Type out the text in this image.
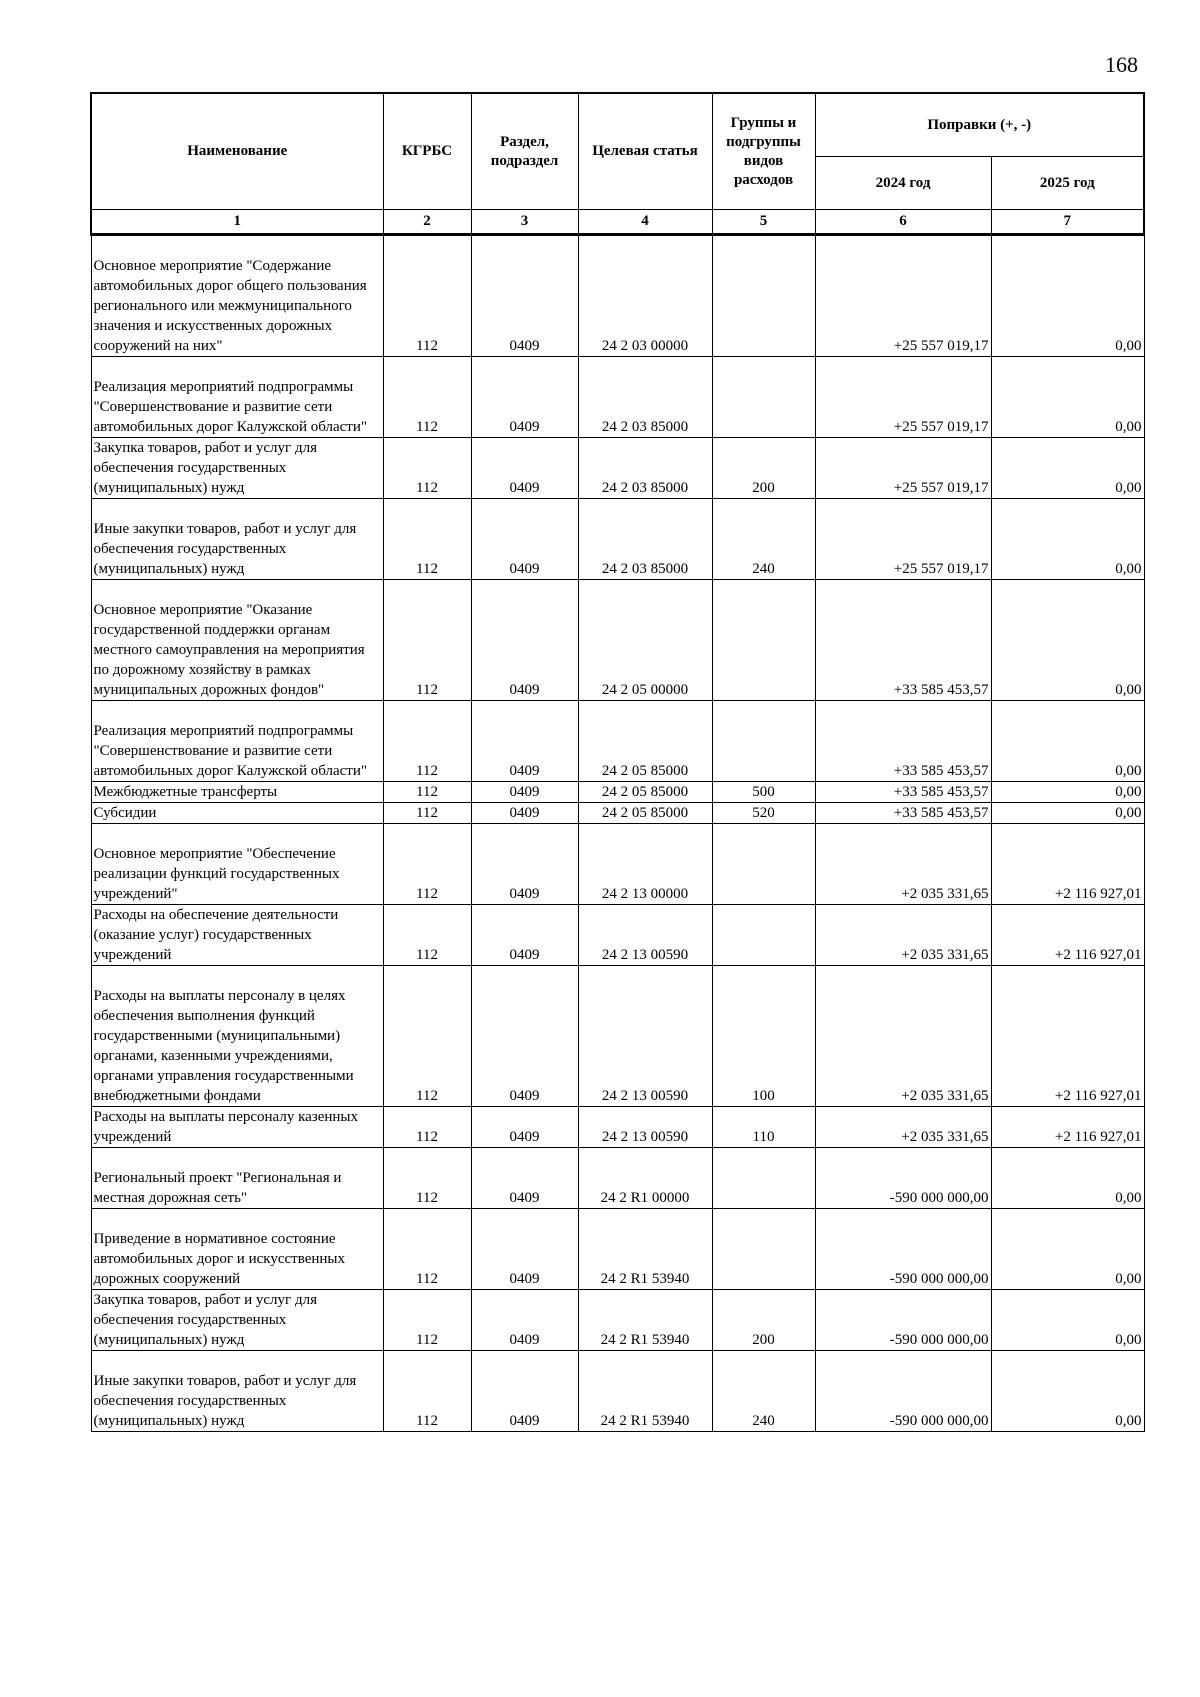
168
Наименование	КГРБС	Раздел, подраздел	Целевая статья	Группы и подгруппы видов расходов	Поправки (+, -)	
					2024 год	2025 год
1	2	3	4	5	6	7
Основное мероприятие "Содержание автомобильных дорог общего пользования регионального или межмуниципального значения и искусственных дорожных сооружений на них"	112	0409	24 2 03 00000		+25 557 019,17	0,00
Реализация мероприятий подпрограммы "Совершенствование и развитие сети автомобильных дорог Калужской области"	112	0409	24 2 03 85000		+25 557 019,17	0,00
Закупка товаров, работ и услуг для обеспечения государственных (муниципальных) нужд	112	0409	24 2 03 85000	200	+25 557 019,17	0,00
Иные закупки товаров, работ и услуг для обеспечения государственных (муниципальных) нужд	112	0409	24 2 03 85000	240	+25 557 019,17	0,00
Основное мероприятие "Оказание государственной поддержки органам местного самоуправления на мероприятия по дорожному хозяйству в рамках муниципальных дорожных фондов"	112	0409	24 2 05 00000		+33 585 453,57	0,00
Реализация мероприятий подпрограммы "Совершенствование и развитие сети автомобильных дорог Калужской области"	112	0409	24 2 05 85000		+33 585 453,57	0,00
Межбюджетные трансферты	112	0409	24 2 05 85000	500	+33 585 453,57	0,00
Субсидии	112	0409	24 2 05 85000	520	+33 585 453,57	0,00
Основное мероприятие "Обеспечение реализации функций государственных учреждений"	112	0409	24 2 13 00000		+2 035 331,65	+2 116 927,01
Расходы на обеспечение деятельности (оказание услуг) государственных учреждений	112	0409	24 2 13 00590		+2 035 331,65	+2 116 927,01
Расходы на выплаты персоналу в целях обеспечения выполнения функций государственными (муниципальными) органами, казенными учреждениями, органами управления государственными внебюджетными фондами	112	0409	24 2 13 00590	100	+2 035 331,65	+2 116 927,01
Расходы на выплаты персоналу казенных учреждений	112	0409	24 2 13 00590	110	+2 035 331,65	+2 116 927,01
Региональный проект "Региональная и местная дорожная сеть"	112	0409	24 2 R1 00000		-590 000 000,00	0,00
Приведение в нормативное состояние автомобильных дорог и искусственных дорожных сооружений	112	0409	24 2 R1 53940		-590 000 000,00	0,00
Закупка товаров, работ и услуг для обеспечения государственных (муниципальных) нужд	112	0409	24 2 R1 53940	200	-590 000 000,00	0,00
Иные закупки товаров, работ и услуг для обеспечения государственных (муниципальных) нужд	112	0409	24 2 R1 53940	240	-590 000 000,00	0,00
